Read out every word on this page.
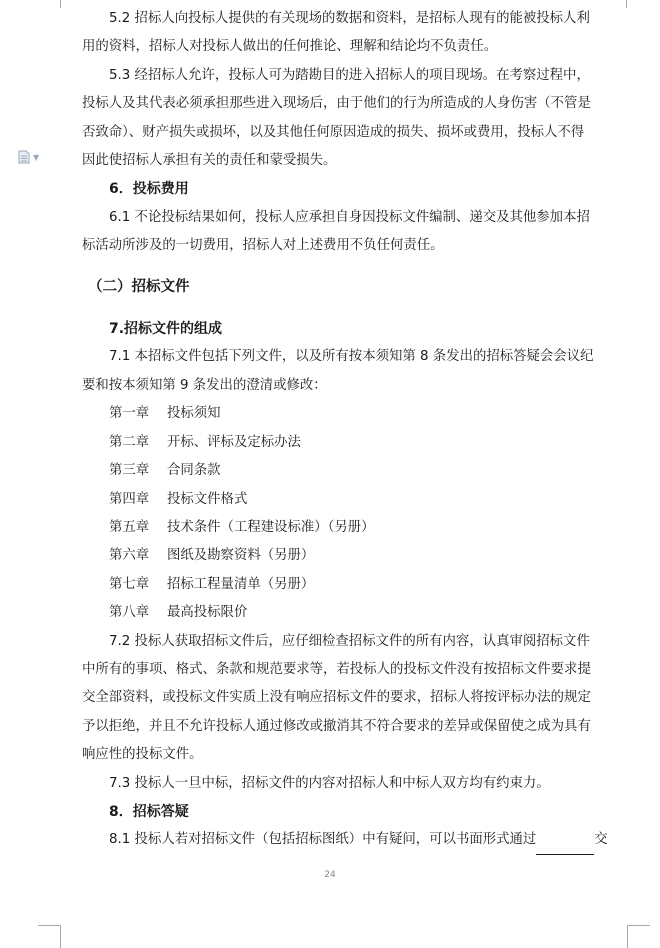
▼

5.2 招标人向投标人提供的有关现场的数据和资料，是招标人现有的能被投标人利

用的资料，招标人对投标人做出的任何推论、理解和结论均不负责任。

5.3 经招标人允许，投标人可为踏勘目的进入招标人的项目现场。在考察过程中，

投标人及其代表必须承担那些进入现场后，由于他们的行为所造成的人身伤害（不管是

否致命）、财产损失或损坏，以及其他任何原因造成的损失、损坏或费用，投标人不得

因此使招标人承担有关的责任和蒙受损失。

6．投标费用

6.1 不论投标结果如何，投标人应承担自身因投标文件编制、递交及其他参加本招

标活动所涉及的一切费用，招标人对上述费用不负任何责任。

（二）招标文件

7.招标文件的组成

7.1 本招标文件包括下列文件，以及所有按本须知第 8 条发出的招标答疑会会议纪

要和按本须知第 9 条发出的澄清或修改：

第一章	投标须知

第二章	开标、评标及定标办法

第三章	合同条款

第四章	投标文件格式

第五章	技术条件（工程建设标准）（另册）

第六章	图纸及勘察资料（另册）

第七章	招标工程量清单（另册）

第八章	最高投标限价

7.2 投标人获取招标文件后，应仔细检查招标文件的所有内容，认真审阅招标文件

中所有的事项、格式、条款和规范要求等，若投标人的投标文件没有按招标文件要求提

交全部资料，或投标文件实质上没有响应招标文件的要求，招标人将按评标办法的规定

予以拒绝，并且不允许投标人通过修改或撤消其不符合要求的差异或保留使之成为具有

响应性的投标文件。

7.3 投标人一旦中标，招标文件的内容对招标人和中标人双方均有约束力。

8．招标答疑

8.1 投标人若对招标文件（包括招标图纸）中有疑问，可以书面形式通过	交

24
